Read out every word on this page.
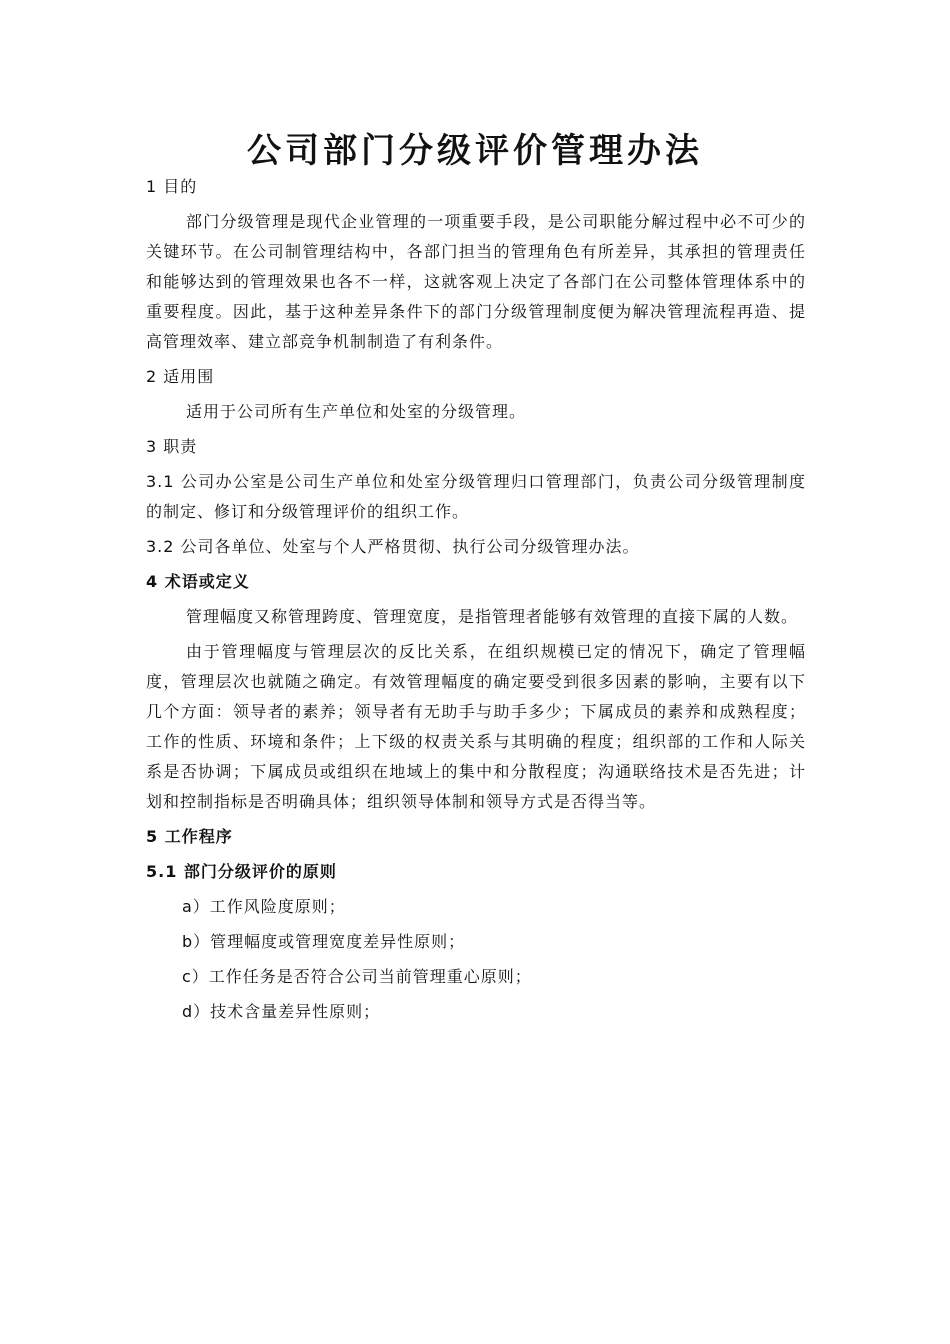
公司部门分级评价管理办法

1 目的

部门分级管理是现代企业管理的一项重要手段，是公司职能分解过程中必不可少的关键环节。在公司制管理结构中，各部门担当的管理角色有所差异，其承担的管理责任和能够达到的管理效果也各不一样，这就客观上决定了各部门在公司整体管理体系中的重要程度。因此，基于这种差异条件下的部门分级管理制度便为解决管理流程再造、提高管理效率、建立部竞争机制制造了有利条件。

2 适用围

适用于公司所有生产单位和处室的分级管理。

3 职责

3.1 公司办公室是公司生产单位和处室分级管理归口管理部门，负责公司分级管理制度的制定、修订和分级管理评价的组织工作。

3.2 公司各单位、处室与个人严格贯彻、执行公司分级管理办法。

4 术语或定义

管理幅度又称管理跨度、管理宽度，是指管理者能够有效管理的直接下属的人数。

由于管理幅度与管理层次的反比关系，在组织规模已定的情况下，确定了管理幅度，管理层次也就随之确定。有效管理幅度的确定要受到很多因素的影响，主要有以下几个方面：领导者的素养；领导者有无助手与助手多少；下属成员的素养和成熟程度；工作的性质、环境和条件；上下级的权责关系与其明确的程度；组织部的工作和人际关系是否协调；下属成员或组织在地域上的集中和分散程度；沟通联络技术是否先进；计划和控制指标是否明确具体；组织领导体制和领导方式是否得当等。

5 工作程序

5.1 部门分级评价的原则

a）工作风险度原则；

b）管理幅度或管理宽度差异性原则；

c）工作任务是否符合公司当前管理重心原则；

d）技术含量差异性原则；
